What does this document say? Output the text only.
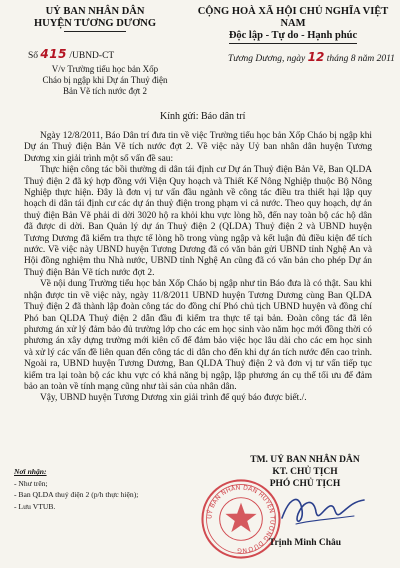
UỶ BAN NHÂN DÂN
HUYỆN TƯƠNG DƯƠNG
CỘNG HOÀ XÃ HỘI CHỦ NGHĨA VIỆT NAM
Độc lập - Tự do - Hạnh phúc
Số 415 /UBND-CT	Tương Dương, ngày 12 tháng 8 năm 2011
V/v Trường tiểu học bản Xốp
Cháo bị ngập khi Dự án Thuỷ điện
Bản Vẽ tích nước đợt 2
Kính gửi: Báo dân trí

Ngày 12/8/2011, Báo Dân trí đưa tin về việc Trường tiểu học bản Xốp Cháo bị ngập khi Dự án Thuỷ điện Bản Vẽ tích nước đợt 2. Về việc này Uỷ ban nhân dân huyện Tương Dương xin giải trình một số vấn đề sau:

Thực hiện công tác bồi thường di dân tái định cư Dự án Thuỷ điện Bản Vẽ, Ban QLDA Thuỷ điện 2 đã ký hợp đồng với Viện Quy hoạch và Thiết Kế Nông Nghiệp thuộc Bộ Nông Nghiệp thực hiện. Đây là đơn vị tư vấn đầu ngành về công tác điều tra thiết hại lập quy hoạch di dân tái định cư các dự án thuỷ điện trong phạm vi cả nước. Theo quy hoạch, dự án thuỷ điện Bản Vẽ phải di dời 3020 hộ ra khỏi khu vực lòng hồ, đến nay toàn bộ các hộ dân đã được di dời. Ban Quản lý dự án Thuỷ điện 2 (QLDA) Thuỷ điện 2 và UBND huyện Tương Dương đã kiểm tra thực tế lòng hồ trong vùng ngập và kết luận đủ điều kiện để tích nước. Về việc này UBND huyện Tương Dương đã có văn bản gửi UBND tỉnh Nghệ An và Hội đồng nghiệm thu Nhà nước, UBND tỉnh Nghệ An cũng đã có văn bản cho phép Dự án Thuỷ điện Bản Vẽ tích nước đợt 2.

Về nội dung Trường tiểu học bản Xốp Cháo bị ngập như tin Báo đưa là có thật. Sau khi nhận được tin về việc này, ngày 11/8/2011 UBND huyện Tương Dương cùng Ban QLDA Thuỷ điện 2 đã thành lập đoàn công tác do đồng chí Phó chủ tịch UBND huyện và đồng chí Phó ban QLDA Thuỷ điện 2 dẫn đầu đi kiểm tra thực tế tại bản. Đoàn công tác đã lên phương án xử lý đảm bảo đủ trường lớp cho các em học sinh vào năm học mới đồng thời có phương án xây dựng trường mới kiên cố để đảm bảo việc học lâu dài cho các em học sinh và xử lý các vấn đề liên quan đến công tác di dân cho đến khi dự án tích nước đến cao trình. Ngoài ra, UBND huyện Tương Dương, Ban QLDA Thuỷ điện 2 và đơn vị tư vấn tiếp tục kiểm tra lại toàn bộ các khu vực có khả năng bị ngập, lập phương án cụ thể tối ưu để đảm bảo an toàn về tính mạng cũng như tài sản của nhân dân.

Vậy, UBND huyện Tương Dương xin giải trình để quý báo được biết./.

Nơi nhận:
- Như trên;
- Ban QLDA thuỷ điện 2 (p/h thực hiện);
- Lưu VTUB.
TM. UỶ BAN NHÂN DÂN
KT. CHỦ TỊCH
PHÓ CHỦ TỊCH
UỶ BAN NHÂN DÂN HUYỆN TƯƠNG DƯƠNG
Trịnh Minh Châu
